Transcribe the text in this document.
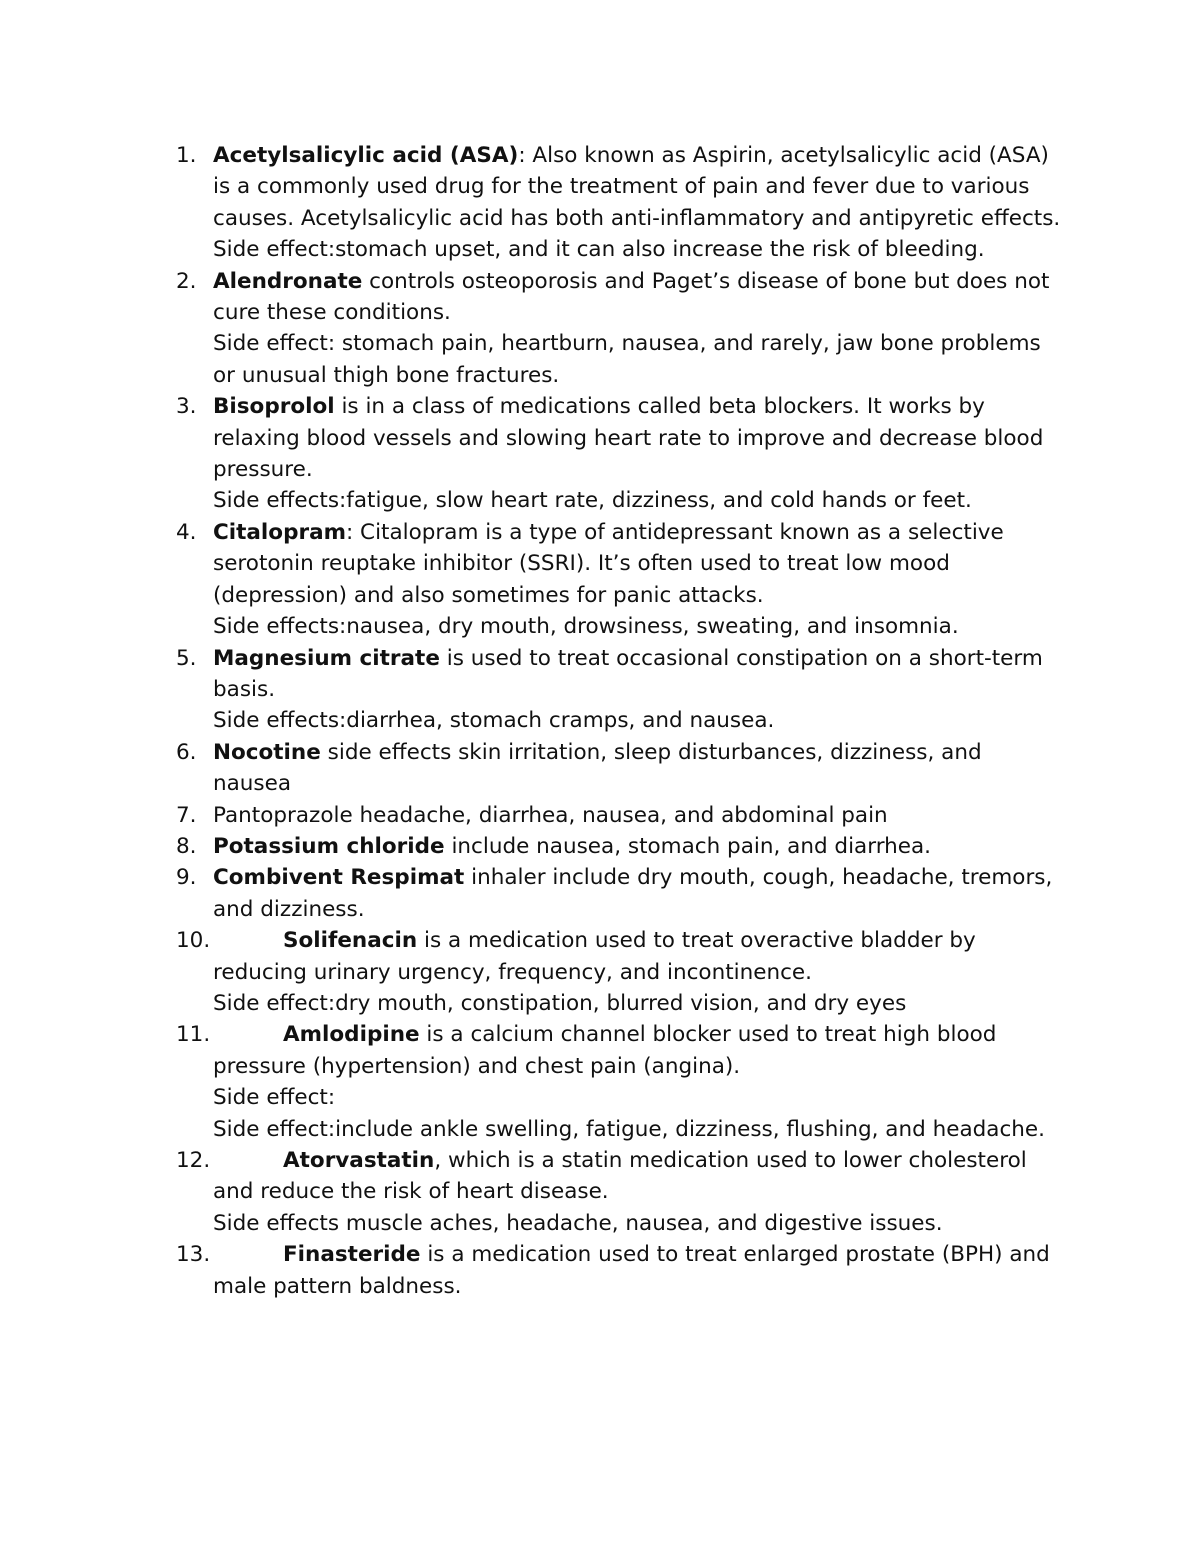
1. Acetylsalicylic acid (ASA): Also known as Aspirin, acetylsalicylic acid (ASA) is a commonly used drug for the treatment of pain and fever due to various causes. Acetylsalicylic acid has both anti-inflammatory and antipyretic effects.
Side effect:stomach upset, and it can also increase the risk of bleeding.
2. Alendronate controls osteoporosis and Paget’s disease of bone but does not cure these conditions.
Side effect: stomach pain, heartburn, nausea, and rarely, jaw bone problems or unusual thigh bone fractures.
3. Bisoprolol is in a class of medications called beta blockers. It works by relaxing blood vessels and slowing heart rate to improve and decrease blood pressure.
Side effects:fatigue, slow heart rate, dizziness, and cold hands or feet.
4. Citalopram: Citalopram is a type of antidepressant known as a selective serotonin reuptake inhibitor (SSRI). It’s often used to treat low mood (depression) and also sometimes for panic attacks.
Side effects:nausea, dry mouth, drowsiness, sweating, and insomnia.
5. Magnesium citrate is used to treat occasional constipation on a short-term basis.
Side effects:diarrhea, stomach cramps, and nausea.
6. Nocotine side effects skin irritation, sleep disturbances, dizziness, and nausea
7. Pantoprazole headache, diarrhea, nausea, and abdominal pain
8. Potassium chloride include nausea, stomach pain, and diarrhea.
9. Combivent Respimat inhaler include dry mouth, cough, headache, tremors, and dizziness.
10.	Solifenacin is a medication used to treat overactive bladder by reducing urinary urgency, frequency, and incontinence.
Side effect:dry mouth, constipation, blurred vision, and dry eyes
11.	Amlodipine is a calcium channel blocker used to treat high blood pressure (hypertension) and chest pain (angina).
Side effect:
Side effect:include ankle swelling, fatigue, dizziness, flushing, and headache.
12.	Atorvastatin, which is a statin medication used to lower cholesterol and reduce the risk of heart disease.
Side effects muscle aches, headache, nausea, and digestive issues.
13.	Finasteride is a medication used to treat enlarged prostate (BPH) and male pattern baldness.
